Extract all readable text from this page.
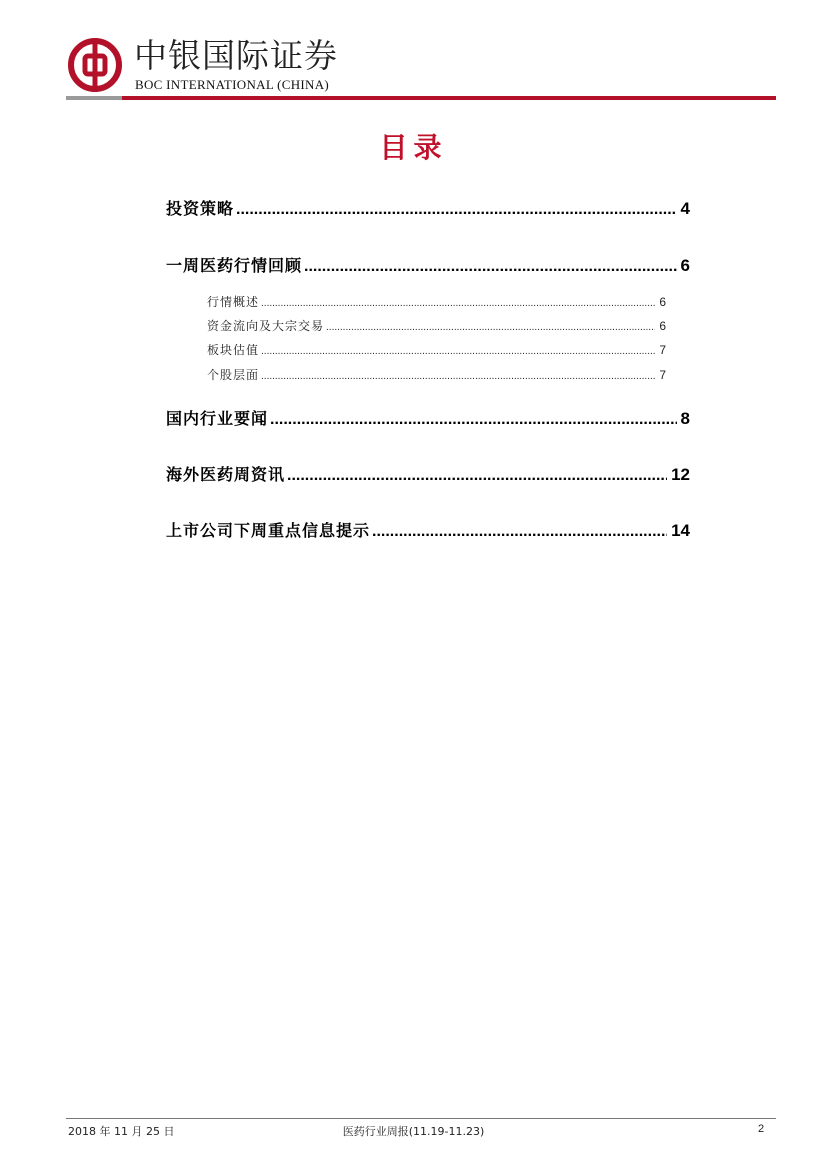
中银国际证券
BOC INTERNATIONAL (CHINA)
目录
投资策略 .....	4
一周医药行情回顾 .....	6
行情概述 .....	6
资金流向及大宗交易 .....	6
板块估值 .....	7
个股层面 .....	7
国内行业要闻 .....	8
海外医药周资讯 .....	12
上市公司下周重点信息提示 .....	14
2018 年 11 月 25 日	医药行业周报(11.19-11.23)	2
